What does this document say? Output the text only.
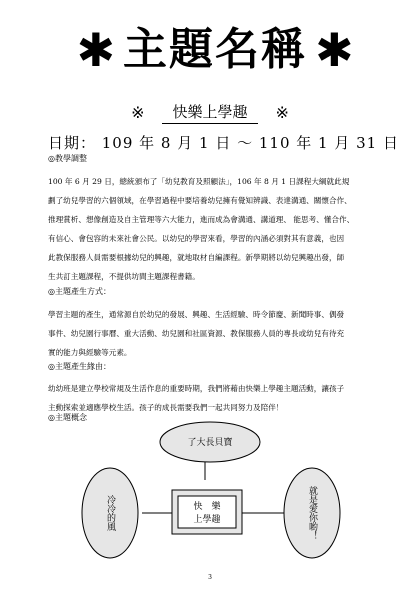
✱ 主題名稱 ✱
※	快樂上學趣	※
日期： 109 年 8 月 1 日 ～ 110 年 1 月 31 日
◎教學調整
100 年 6 月 29 日，總統頒布了「幼兒教育及照顧法」，106 年 8 月 1 日課程大綱就此規
劃了幼兒學習的六個領域，在學習過程中要培養幼兒擁有覺知辨識、表達溝通、關懷合作、
推理賞析、想像創造及自主管理等六大能力，進而成為會溝通、講道理、 能思考、懂合作、
有信心、會包容的未來社會公民。以幼兒的學習來看，學習的內涵必須對其有意義，也因
此教保服務人員需要根據幼兒的興趣，就地取材自編課程。新學期將以幼兒興趣出發，師
生共訂主題課程，不提供坊間主題課程書籍。
◎主題產生方式：
學習主題的產生，通常源自於幼兒的發展、興趣、生活經驗、時令節慶、新聞時事、偶發
事件、幼兒園行事曆、重大活動、幼兒園和社區資源、教保服務人員的專長或幼兒有待充
實的能力與經驗等元素。
◎主題產生緣由：
幼幼班是建立學校常規及生活作息的重要時期，我們將藉由快樂上學趣主題活動，讓孩子
主動探索並適應學校生活。孩子的成長需要我們一起共同努力及陪伴！
◎主題概念
了大長貝寶
快　樂
上學趣
冷冷的風	就是愛你喲！
3
